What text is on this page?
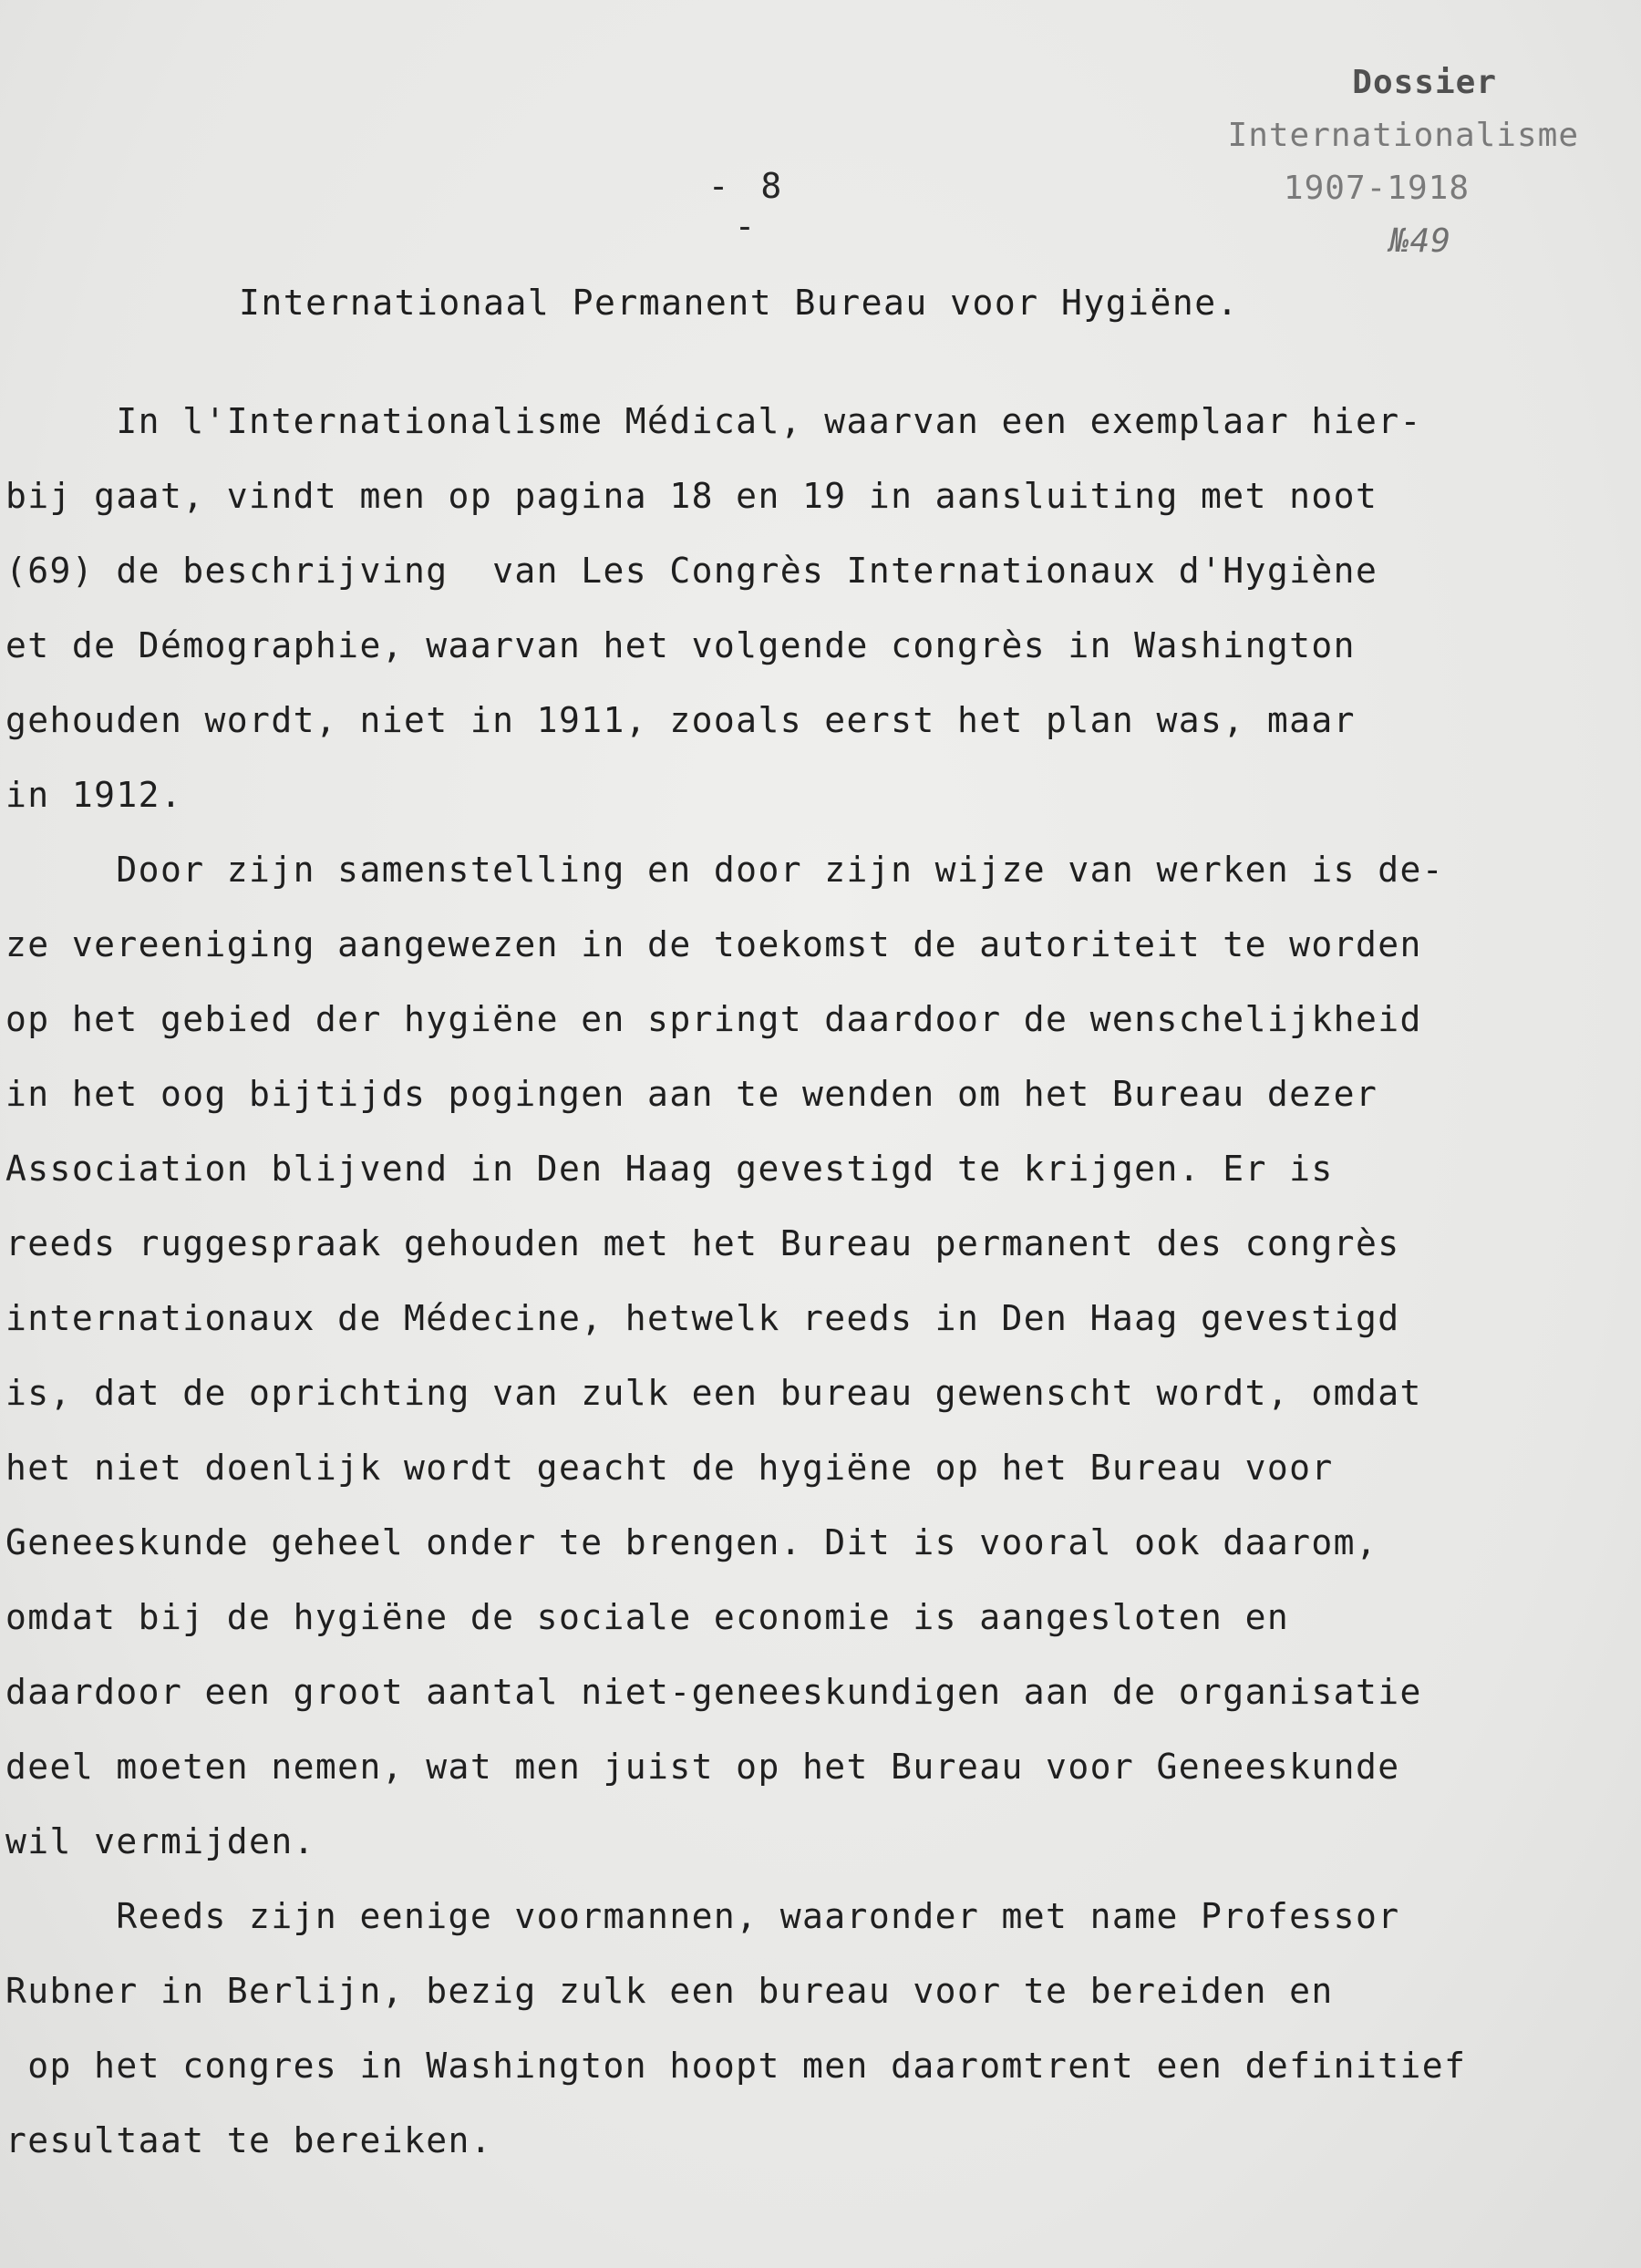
Dossier
Internationalisme
1907-1918
№49
- 8 -
Internationaal Permanent Bureau voor Hygiëne.
In l'Internationalisme Médical, waarvan een exemplaar hier-
bij gaat, vindt men op pagina 18 en 19 in aansluiting met noot
(69) de beschrijving  van Les Congrès Internationaux d'Hygiène
et de Démographie, waarvan het volgende congrès in Washington
gehouden wordt, niet in 1911, zooals eerst het plan was, maar
in 1912.
Door zijn samenstelling en door zijn wijze van werken is de-
ze vereeniging aangewezen in de toekomst de autoriteit te worden
op het gebied der hygiëne en springt daardoor de wenschelijkheid
in het oog bijtijds pogingen aan te wenden om het Bureau dezer
Association blijvend in Den Haag gevestigd te krijgen. Er is
reeds ruggespraak gehouden met het Bureau permanent des congrès
internationaux de Médecine, hetwelk reeds in Den Haag gevestigd
is, dat de oprichting van zulk een bureau gewenscht wordt, omdat
het niet doenlijk wordt geacht de hygiëne op het Bureau voor
Geneeskunde geheel onder te brengen. Dit is vooral ook daarom,
omdat bij de hygiëne de sociale economie is aangesloten en
daardoor een groot aantal niet-geneeskundigen aan de organisatie
deel moeten nemen, wat men juist op het Bureau voor Geneeskunde
wil vermijden.
Reeds zijn eenige voormannen, waaronder met name Professor
Rubner in Berlijn, bezig zulk een bureau voor te bereiden en
op het congres in Washington hoopt men daaromtrent een definitief
resultaat te bereiken.
